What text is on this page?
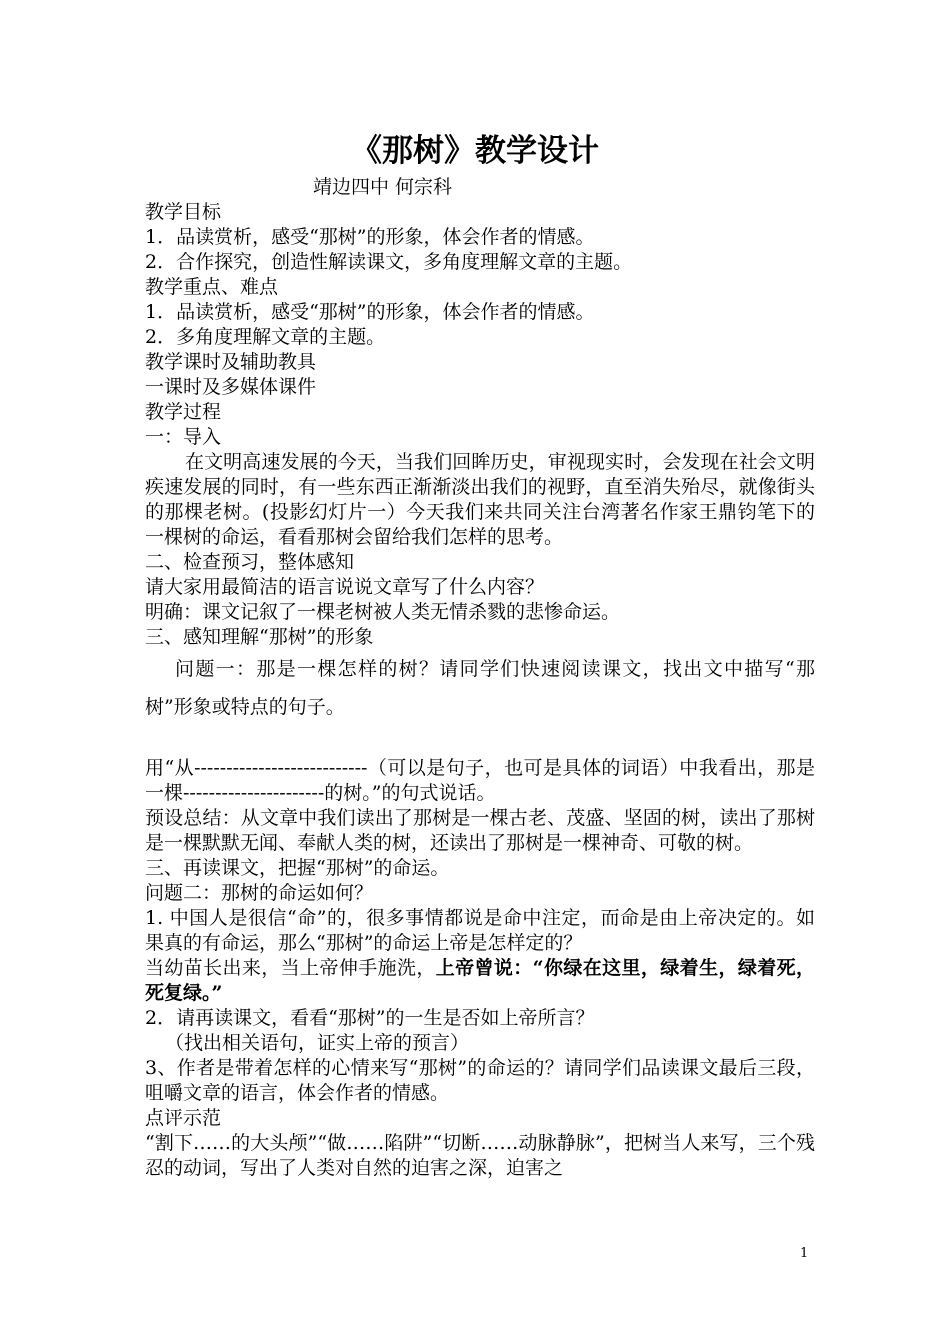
《那树》教学设计
靖边四中 何宗科

教学目标

1．品读赏析，感受“那树”的形象，体会作者的情感。

2．合作探究，创造性解读课文，多角度理解文章的主题。

教学重点、难点

1．品读赏析，感受“那树”的形象，体会作者的情感。

2．多角度理解文章的主题。

教学课时及辅助教具

一课时及多媒体课件

教学过程

一：导入

在文明高速发展的今天，当我们回眸历史，审视现实时，会发现在社会文明疾速发展的同时，有一些东西正渐渐淡出我们的视野，直至消失殆尽，就像街头的那棵老树。(投影幻灯片一）今天我们来共同关注台湾著名作家王鼎钧笔下的一棵树的命运，看看那树会留给我们怎样的思考。

二、检查预习，整体感知

请大家用最简洁的语言说说文章写了什么内容？

明确：课文记叙了一棵老树被人类无情杀戮的悲惨命运。

三、感知理解“那树”的形象

问题一：那是一棵怎样的树？请同学们快速阅读课文，找出文中描写“那树”形象或特点的句子。

用“从---------------------------（可以是句子，也可是具体的词语）中我看出，那是一棵----------------------的树。”的句式说话。

预设总结：从文章中我们读出了那树是一棵古老、茂盛、坚固的树，读出了那树是一棵默默无闻、奉献人类的树，还读出了那树是一棵神奇、可敬的树。

三、再读课文，把握“那树”的命运。

问题二：那树的命运如何？

1. 中国人是很信“命”的，很多事情都说是命中注定，而命是由上帝决定的。如果真的有命运，那么“那树”的命运上帝是怎样定的？

当幼苗长出来，当上帝伸手施洗，上帝曾说：“你绿在这里，绿着生，绿着死，死复绿。”

2．请再读课文，看看“那树”的一生是否如上帝所言？

（找出相关语句，证实上帝的预言）

3、作者是带着怎样的心情来写“那树”的命运的？请同学们品读课文最后三段，咀嚼文章的语言，体会作者的情感。

点评示范

“割下……的大头颅”“做……陷阱”“切断……动脉静脉”，把树当人来写，三个残忍的动词，写出了人类对自然的迫害之深，迫害之

1
